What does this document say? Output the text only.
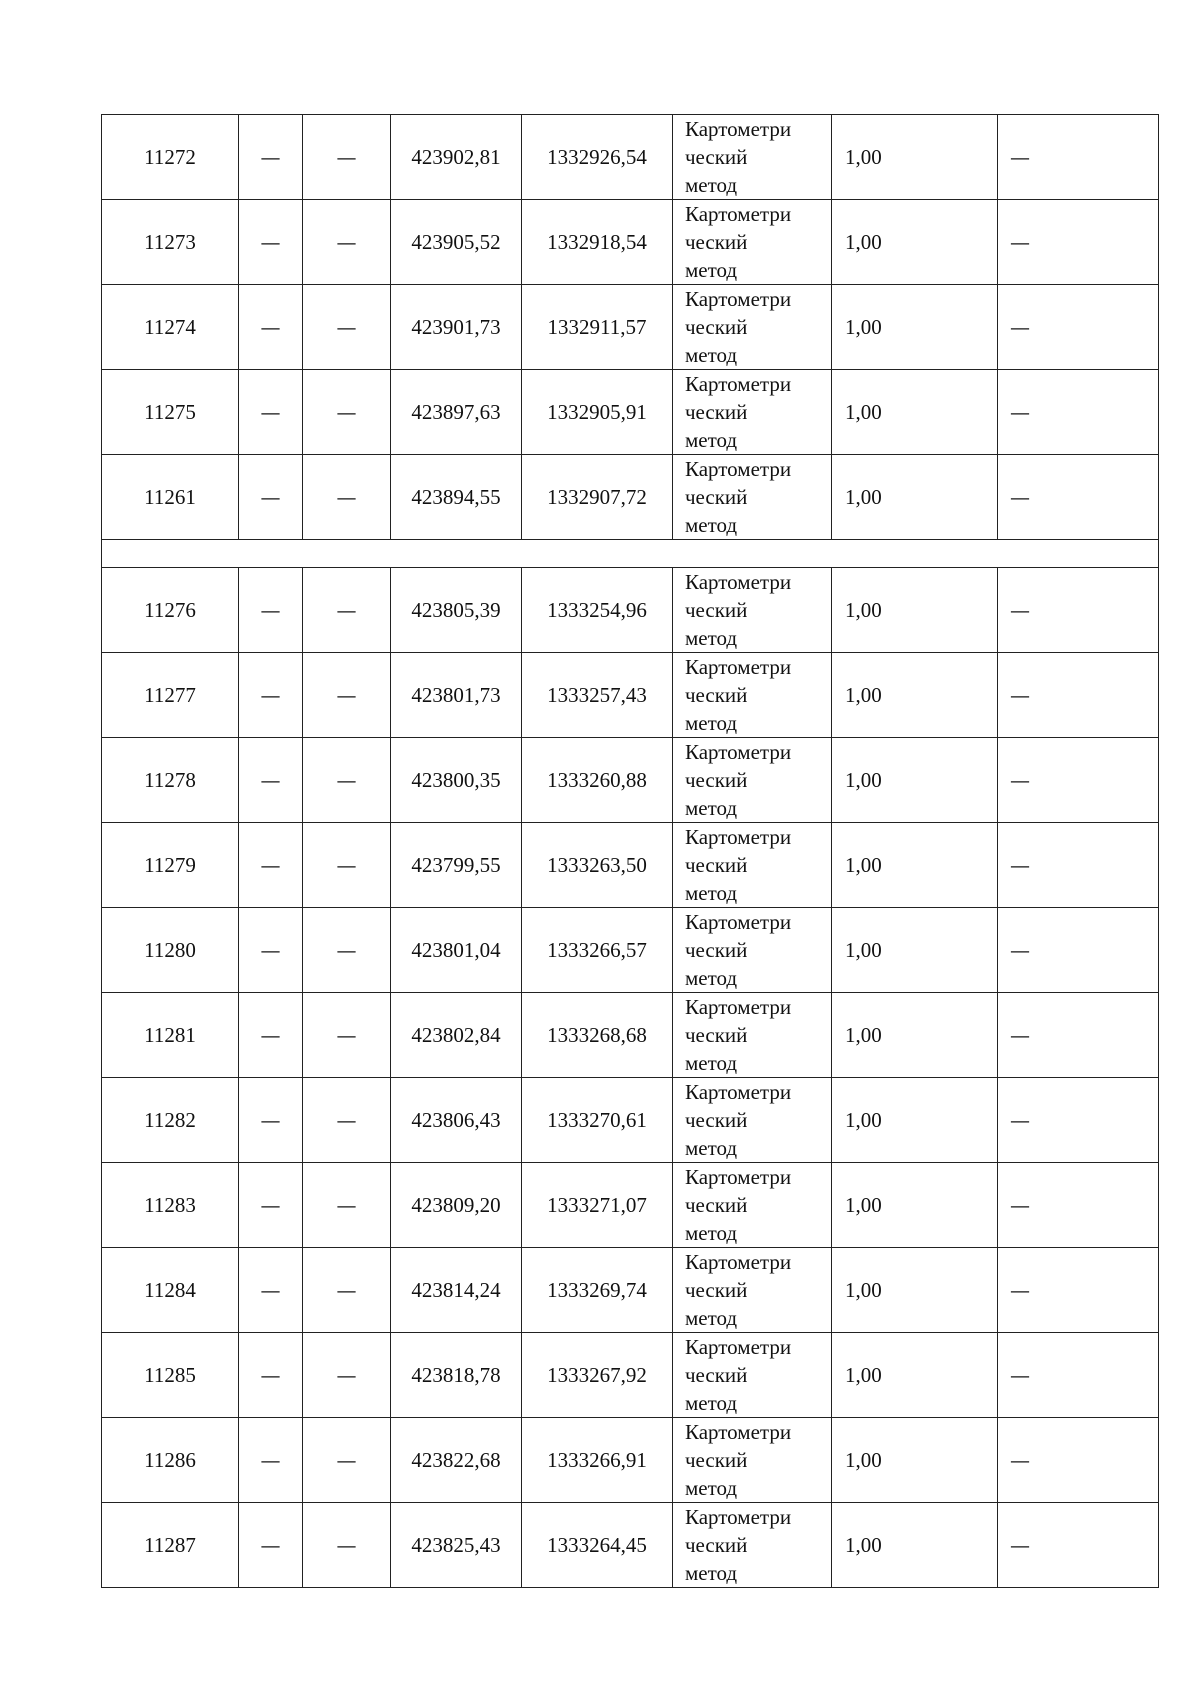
11272	—	—	423902,81	1332926,54	Картометри
ческий
метод	1,00	—
11273	—	—	423905,52	1332918,54	Картометри
ческий
метод	1,00	—
11274	—	—	423901,73	1332911,57	Картометри
ческий
метод	1,00	—
11275	—	—	423897,63	1332905,91	Картометри
ческий
метод	1,00	—
11261	—	—	423894,55	1332907,72	Картометри
ческий
метод	1,00	—

11276	—	—	423805,39	1333254,96	Картометри
ческий
метод	1,00	—
11277	—	—	423801,73	1333257,43	Картометри
ческий
метод	1,00	—
11278	—	—	423800,35	1333260,88	Картометри
ческий
метод	1,00	—
11279	—	—	423799,55	1333263,50	Картометри
ческий
метод	1,00	—
11280	—	—	423801,04	1333266,57	Картометри
ческий
метод	1,00	—
11281	—	—	423802,84	1333268,68	Картометри
ческий
метод	1,00	—
11282	—	—	423806,43	1333270,61	Картометри
ческий
метод	1,00	—
11283	—	—	423809,20	1333271,07	Картометри
ческий
метод	1,00	—
11284	—	—	423814,24	1333269,74	Картометри
ческий
метод	1,00	—
11285	—	—	423818,78	1333267,92	Картометри
ческий
метод	1,00	—
11286	—	—	423822,68	1333266,91	Картометри
ческий
метод	1,00	—
11287	—	—	423825,43	1333264,45	Картометри
ческий
метод	1,00	—
